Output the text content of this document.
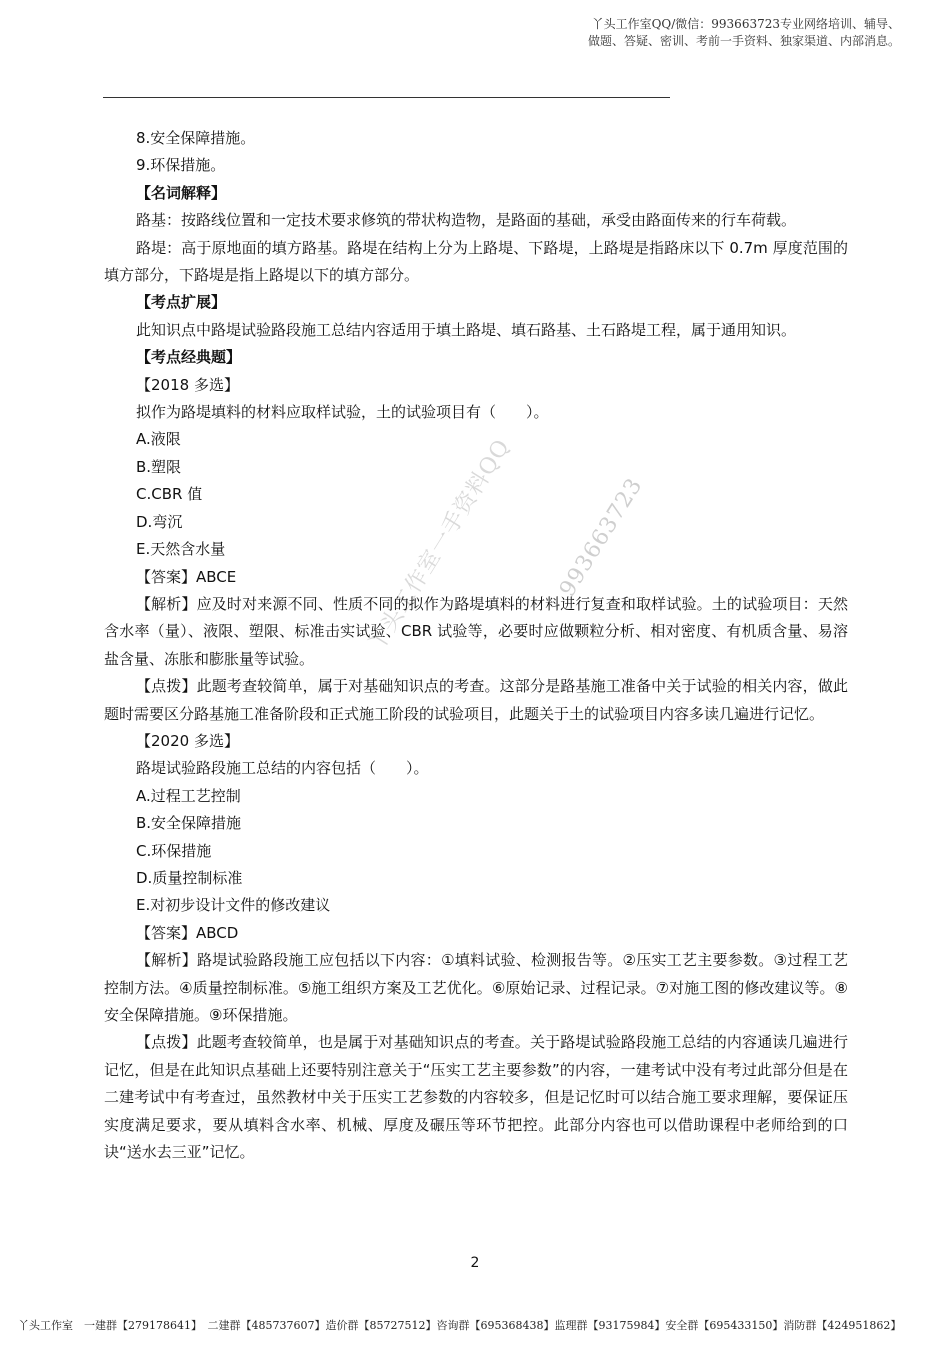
丫头工作室QQ/微信：993663723专业网络培训、辅导、
做题、答疑、密训、考前一手资料、独家渠道、内部消息。
993663723
丫头工作室一手资料QQ

8.安全保障措施。

9.环保措施。

【名词解释】

路基：按路线位置和一定技术要求修筑的带状构造物，是路面的基础，承受由路面传来的行车荷载。

路堤：高于原地面的填方路基。路堤在结构上分为上路堤、下路堤，上路堤是指路床以下 0.7m 厚度范围的填方部分，下路堤是指上路堤以下的填方部分。

【考点扩展】

此知识点中路堤试验路段施工总结内容适用于填土路堤、填石路基、土石路堤工程，属于通用知识。

【考点经典题】

【2018 多选】

拟作为路堤填料的材料应取样试验，土的试验项目有（　　）。

A.液限

B.塑限

C.CBR 值

D.弯沉

E.天然含水量

【答案】ABCE

【解析】应及时对来源不同、性质不同的拟作为路堤填料的材料进行复查和取样试验。土的试验项目：天然含水率（量）、液限、塑限、标准击实试验、CBR 试验等，必要时应做颗粒分析、相对密度、有机质含量、易溶盐含量、冻胀和膨胀量等试验。

【点拨】此题考查较简单，属于对基础知识点的考查。这部分是路基施工准备中关于试验的相关内容，做此题时需要区分路基施工准备阶段和正式施工阶段的试验项目，此题关于土的试验项目内容多读几遍进行记忆。

【2020 多选】

路堤试验路段施工总结的内容包括（　　）。

A.过程工艺控制

B.安全保障措施

C.环保措施

D.质量控制标准

E.对初步设计文件的修改建议

【答案】ABCD

【解析】路堤试验路段施工应包括以下内容：①填料试验、检测报告等。②压实工艺主要参数。③过程工艺控制方法。④质量控制标准。⑤施工组织方案及工艺优化。⑥原始记录、过程记录。⑦对施工图的修改建议等。⑧安全保障措施。⑨环保措施。

【点拨】此题考查较简单，也是属于对基础知识点的考查。关于路堤试验路段施工总结的内容通读几遍进行记忆，但是在此知识点基础上还要特别注意关于“压实工艺主要参数”的内容，一建考试中没有考过此部分但是在二建考试中有考查过，虽然教材中关于压实工艺参数的内容较多，但是记忆时可以结合施工要求理解，要保证压实度满足要求，要从填料含水率、机械、厚度及碾压等环节把控。此部分内容也可以借助课程中老师给到的口诀“送水去三亚”记忆。

2
丫头工作室　一建群【279178641】　二建群【485737607】造价群【85727512】咨询群【695368438】监理群【93175984】安全群【695433150】消防群【424951862】
